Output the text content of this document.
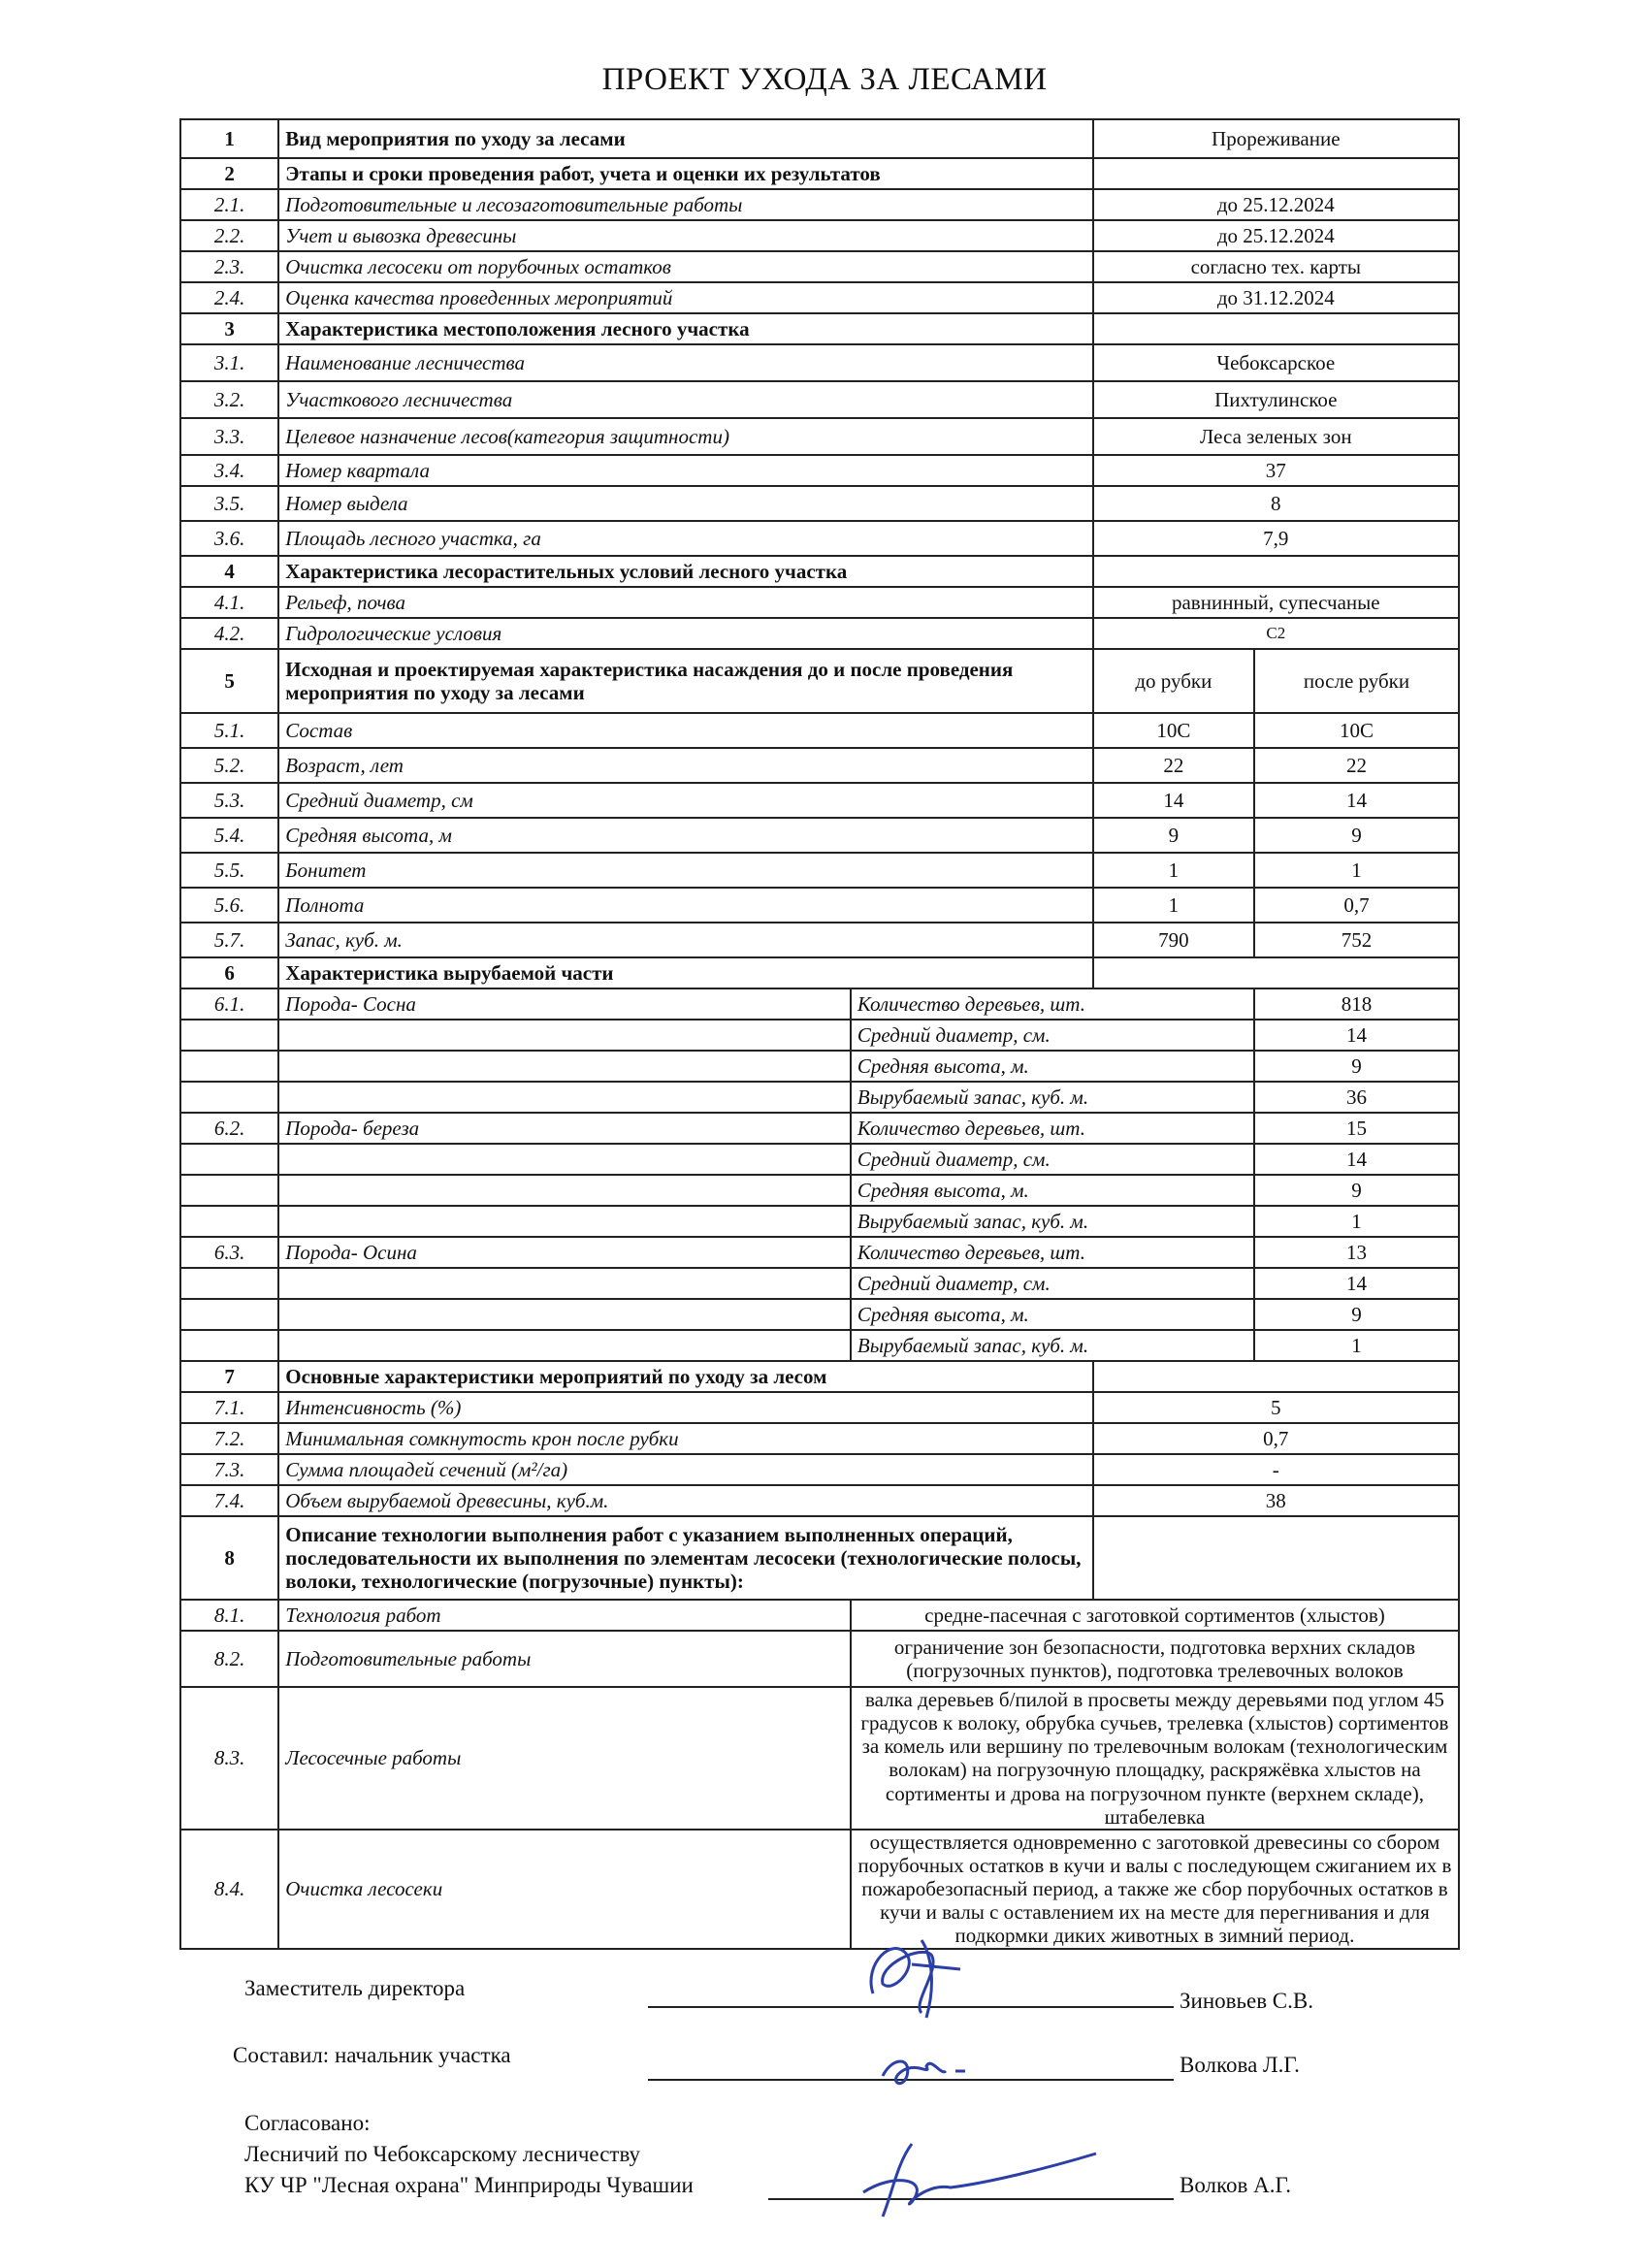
ПРОЕКТ УХОДА ЗА ЛЕСАМИ
1	Вид мероприятия по уходу за лесами		Прореживание	
2	Этапы и сроки проведения работ, учета и оценки их результатов			
2.1.	Подготовительные и лесозаготовительные работы		до 25.12.2024	
2.2.	Учет и вывозка древесины		до 25.12.2024	
2.3.	Очистка лесосеки от порубочных остатков		согласно тех. карты	
2.4.	Оценка качества проведенных мероприятий		до 31.12.2024	
3	Характеристика местоположения лесного участка			
3.1.	Наименование лесничества		Чебоксарское	
3.2.	Участкового лесничества		Пихтулинское	
3.3.	Целевое назначение лесов(категория защитности)		Леса зеленых зон	
3.4.	Номер квартала		37	
3.5.	Номер выдела		8	
3.6.	Площадь лесного участка, га		7,9	
4	Характеристика лесорастительных условий лесного участка			
4.1.	Рельеф, почва		равнинный, супесчаные	
4.2.	Гидрологические условия		С2	
5	Исходная и проектируемая характеристика насаждения до и после проведения мероприятия по уходу за лесами		до рубки	после рубки
5.1.	Состав		10С	10С
5.2.	Возраст, лет		22	22
5.3.	Средний диаметр, см		14	14
5.4.	Средняя высота, м		9	9
5.5.	Бонитет		1	1
5.6.	Полнота		1	0,7
5.7.	Запас, куб. м.		790	752
6	Характеристика вырубаемой части			
6.1.	Порода- Сосна	Количество деревьев, шт.		818
		Средний диаметр, см.		14
		Средняя высота, м.		9
		Вырубаемый запас, куб. м.		36
6.2.	Порода- береза	Количество деревьев, шт.		15
		Средний диаметр, см.		14
		Средняя высота, м.		9
		Вырубаемый запас, куб. м.		1
6.3.	Порода- Осина	Количество деревьев, шт.		13
		Средний диаметр, см.		14
		Средняя высота, м.		9
		Вырубаемый запас, куб. м.		1
7	Основные характеристики мероприятий по уходу за лесом			
7.1.	Интенсивность (%)		5	
7.2.	Минимальная сомкнутость крон после рубки		0,7	
7.3.	Сумма площадей сечений (м²/га)		-	
7.4.	Объем вырубаемой древесины, куб.м.		38	
8	Описание технологии выполнения работ с указанием выполненных операций, последовательности их выполнения по элементам лесосеки (технологические полосы, волоки, технологические (погрузочные) пункты):			
8.1.	Технология работ	средне-пасечная с заготовкой сортиментов (хлыстов)		
8.2.	Подготовительные работы	ограничение зон безопасности, подготовка верхних складов (погрузочных пунктов), подготовка трелевочных волоков		
8.3.	Лесосечные работы	валка деревьев б/пилой в просветы между деревьями под углом 45 градусов к волоку, обрубка сучьев, трелевка (хлыстов) сортиментов за комель или вершину по трелевочным волокам (технологическим волокам) на погрузочную площадку, раскряжёвка хлыстов на сортименты и дрова на погрузочном пункте (верхнем складе), штабелевка		
8.4.	Очистка лесосеки	осуществляется одновременно с заготовкой древесины со сбором порубочных остатков в кучи и валы с последующем сжиганием их в пожаробезопасный период, а также же сбор порубочных остатков в кучи и валы с оставлением их на месте для перегнивания и для подкормки диких животных в зимний период.		
Заместитель директора
Зиновьев С.В.
Составил: начальник участка	Волкова Л.Г.
Согласовано:
Лесничий по Чебоксарскому лесничеству
КУ ЧР "Лесная охрана" Минприроды Чувашии	Волков А.Г.
